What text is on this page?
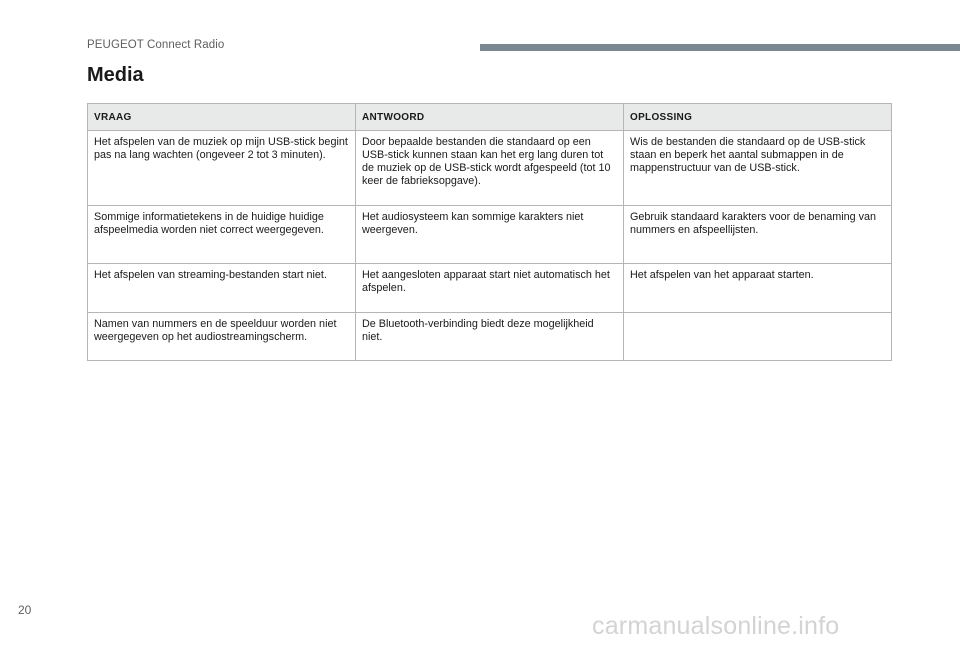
PEUGEOT Connect Radio
Media
VRAAG	ANTWOORD	OPLOSSING
Het afspelen van de muziek op mijn USB-stick begint pas na lang wachten (ongeveer 2 tot 3 minuten).	Door bepaalde bestanden die standaard op een USB-stick kunnen staan kan het erg lang duren tot de muziek op de USB-stick wordt afgespeeld (tot 10 keer de fabrieksopgave).	Wis de bestanden die standaard op de USB-stick staan en beperk het aantal submappen in de mappenstructuur van de USB-stick.
Sommige informatietekens in de huidige huidige afspeelmedia worden niet correct weergegeven.	Het audiosysteem kan sommige karakters niet weergeven.	Gebruik standaard karakters voor de benaming van nummers en afspeellijsten.
Het afspelen van streaming-bestanden start niet.	Het aangesloten apparaat start niet automatisch het afspelen.	Het afspelen van het apparaat starten.
Namen van nummers en de speelduur worden niet weergegeven op het audiostreamingscherm.	De Bluetooth-verbinding biedt deze mogelijkheid niet.	
20
carmanualsonline.info
